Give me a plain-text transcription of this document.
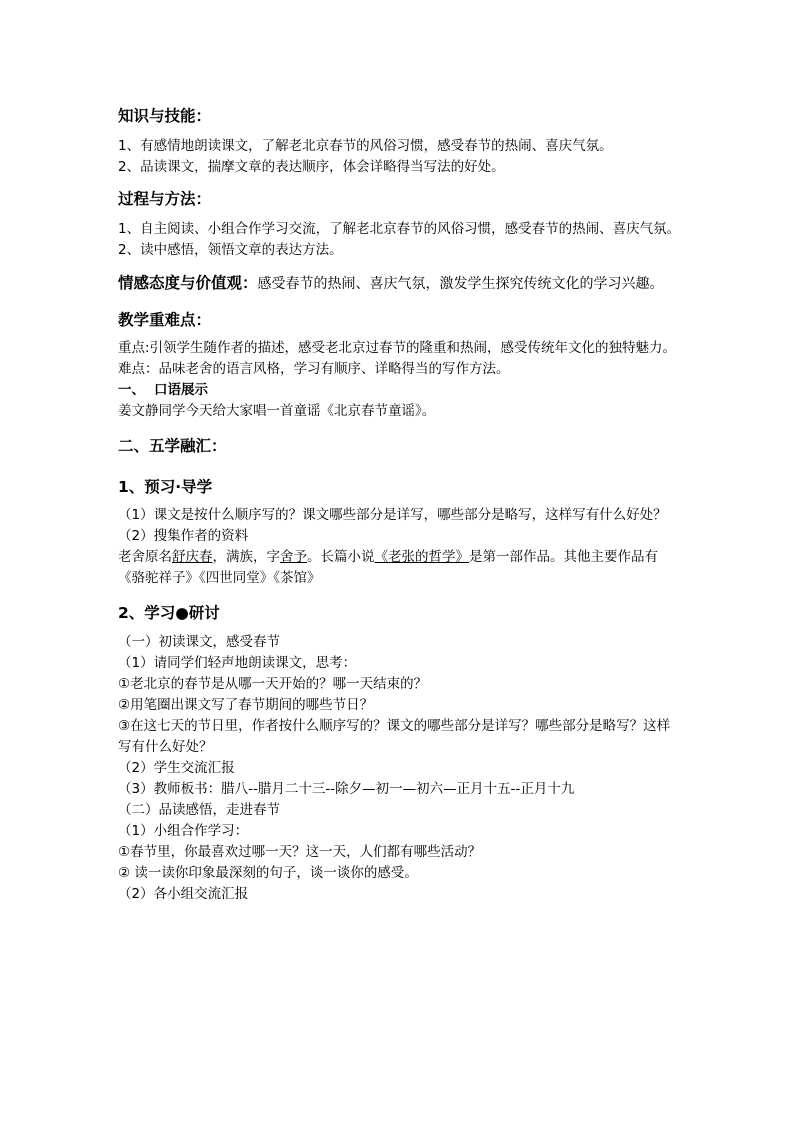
知识与技能：

1、有感情地朗读课文，了解老北京春节的风俗习惯，感受春节的热闹、喜庆气氛。

2、品读课文，揣摩文章的表达顺序，体会详略得当写法的好处。

过程与方法：

1、自主阅读、小组合作学习交流，了解老北京春节的风俗习惯，感受春节的热闹、喜庆气氛。

2、读中感悟，领悟文章的表达方法。

情感态度与价值观：感受春节的热闹、喜庆气氛，激发学生探究传统文化的学习兴趣。

教学重难点：

重点:引领学生随作者的描述，感受老北京过春节的隆重和热闹，感受传统年文化的独特魅力。

难点：品味老舍的语言风格，学习有顺序、详略得当的写作方法。

一、 口语展示

姜文静同学今天给大家唱一首童谣《北京春节童谣》。

二、五学融汇：
1、预习·导学

（1）课文是按什么顺序写的？课文哪些部分是详写，哪些部分是略写，这样写有什么好处？

（2）搜集作者的资料

老舍原名舒庆春，满族，字舍予。长篇小说《老张的哲学》是第一部作品。其他主要作品有《骆驼祥子》《四世同堂》《茶馆》

2、学习●研讨

（一）初读课文，感受春节

（1）请同学们轻声地朗读课文，思考：

①老北京的春节是从哪一天开始的？哪一天结束的？

②用笔圈出课文写了春节期间的哪些节日？

③在这七天的节日里，作者按什么顺序写的？课文的哪些部分是详写？哪些部分是略写？这样写有什么好处？

（2）学生交流汇报

（3）教师板书：腊八--腊月二十三--除夕—初一—初六—正月十五--正月十九

（二）品读感悟，走进春节

（1）小组合作学习：

①春节里，你最喜欢过哪一天？这一天，人们都有哪些活动？

② 读一读你印象最深刻的句子，谈一谈你的感受。

（2）各小组交流汇报
